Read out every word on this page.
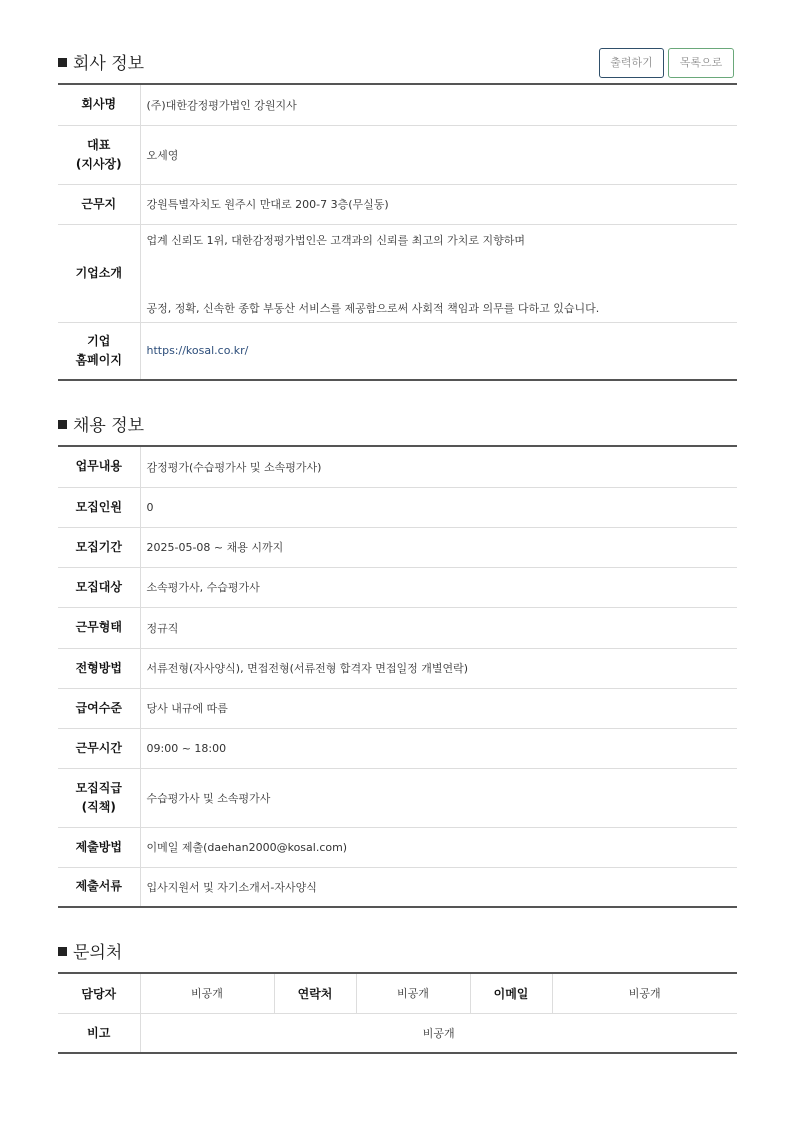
회사 정보	출력하기	목록으로
회사명	(주)대한감정평가법인 강원지사

대표
(지사장)	오세영
근무지	강원특별자치도 원주시 만대로 200-7 3층(무실동)
기업소개	업계 신뢰도 1위, 대한감정평가법인은 고객과의 신뢰를 최고의 가치로 지향하며
공정, 정확, 신속한 종합 부동산 서비스를 제공함으로써 사회적 책임과 의무를 다하고 있습니다.

기업
홈페이지	https://kosal.co.kr/
채용 정보
업무내용	감정평가(수습평가사 및 소속평가사)
모집인원	0
모집기간	2025-05-08 ~ 채용 시까지
모집대상	소속평가사, 수습평가사
근무형태	정규직
전형방법	서류전형(자사양식), 면접전형(서류전형 합격자 면접일정 개별연락)
급여수준	당사 내규에 따름
근무시간	09:00 ~ 18:00

모집직급
(직책)	수습평가사 및 소속평가사
제출방법	이메일 제출(daehan2000@kosal.com)
제출서류	입사지원서 및 자기소개서-자사양식
문의처
담당자	비공개	연락처	비공개	이메일	비공개
비고	비공개				
